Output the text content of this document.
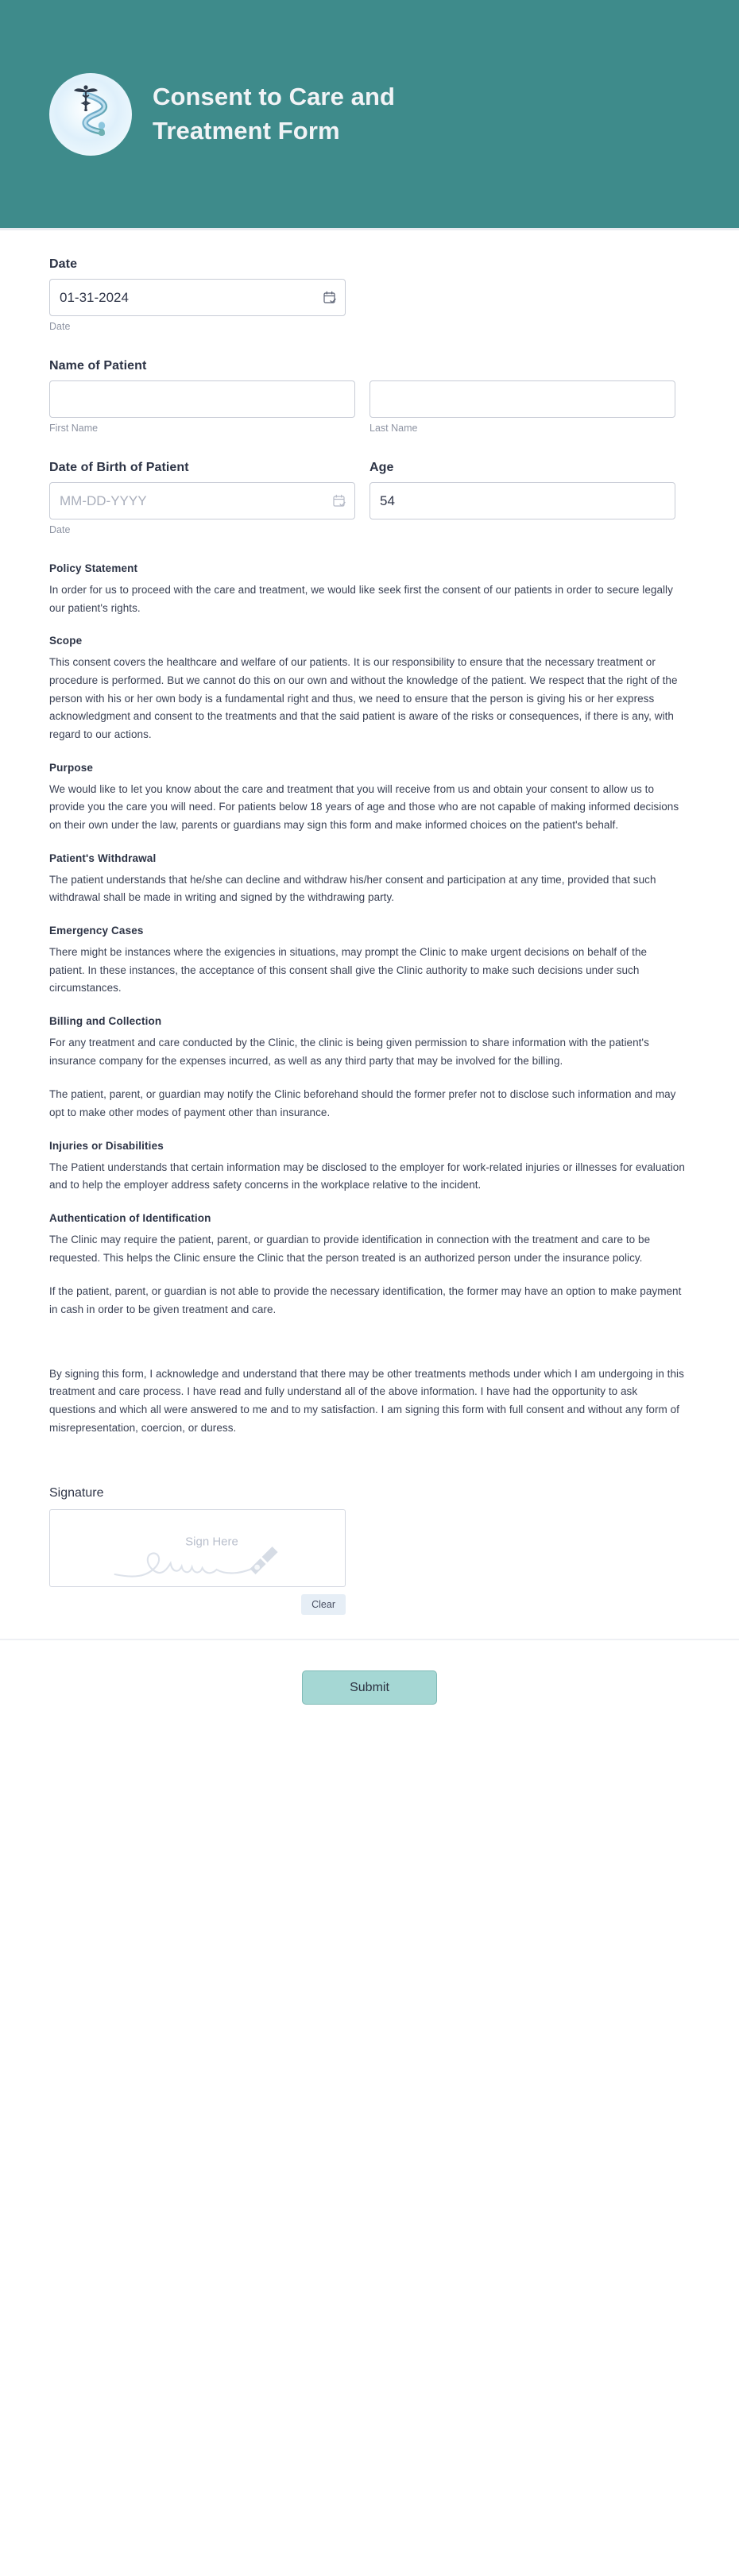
Consent to Care and Treatment Form
Date
01-31-2024
Date
Name of Patient
First Name	Last Name
Date of Birth of Patient
MM-DD-YYYY
Date
Age
54
Policy Statement

In order for us to proceed with the care and treatment, we would like seek first the consent of our patients in order to secure legally our patient's rights.

Scope

This consent covers the healthcare and welfare of our patients. It is our responsibility to ensure that the necessary treatment or procedure is performed. But we cannot do this on our own and without the knowledge of the patient. We respect that the right of the person with his or her own body is a fundamental right and thus, we need to ensure that the person is giving his or her express acknowledgment and consent to the treatments and that the said patient is aware of the risks or consequences, if there is any, with regard to our actions.

Purpose

We would like to let you know about the care and treatment that you will receive from us and obtain your consent to allow us to provide you the care you will need. For patients below 18 years of age and those who are not capable of making informed decisions on their own under the law, parents or guardians may sign this form and make informed choices on the patient's behalf.

Patient's Withdrawal

The patient understands that he/she can decline and withdraw his/her consent and participation at any time, provided that such withdrawal shall be made in writing and signed by the withdrawing party.

Emergency Cases

There might be instances where the exigencies in situations, may prompt the Clinic to make urgent decisions on behalf of the patient. In these instances, the acceptance of this consent shall give the Clinic authority to make such decisions under such circumstances.

Billing and Collection

For any treatment and care conducted by the Clinic, the clinic is being given permission to share information with the patient's insurance company for the expenses incurred, as well as any third party that may be involved for the billing.

The patient, parent, or guardian may notify the Clinic beforehand should the former prefer not to disclose such information and may opt to make other modes of payment other than insurance.

Injuries or Disabilities

The Patient understands that certain information may be disclosed to the employer for work-related injuries or illnesses for evaluation and to help the employer address safety concerns in the workplace relative to the incident.

Authentication of Identification

The Clinic may require the patient, parent, or guardian to provide identification in connection with the treatment and care to be requested. This helps the Clinic ensure the Clinic that the person treated is an authorized person under the insurance policy.

If the patient, parent, or guardian is not able to provide the necessary identification, the former may have an option to make payment in cash in order to be given treatment and care.

By signing this form, I acknowledge and understand that there may be other treatments methods under which I am undergoing in this treatment and care process. I have read and fully understand all of the above information. I have had the opportunity to ask questions and which all were answered to me and to my satisfaction. I am signing this form with full consent and without any form of misrepresentation, coercion, or duress.

Signature
Sign Here
Clear
Submit
